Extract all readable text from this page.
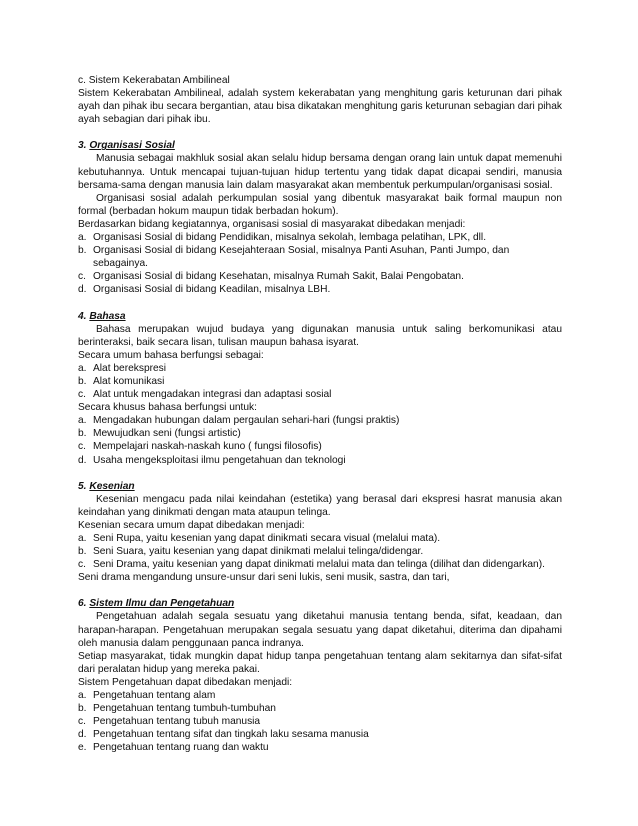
c. Sistem Kekerabatan Ambilineal

Sistem Kekerabatan Ambilineal, adalah system kekerabatan yang menghitung garis keturunan dari pihak ayah dan pihak ibu secara bergantian, atau bisa dikatakan menghitung garis keturunan sebagian dari pihak ayah sebagian dari pihak ibu.

3. Organisasi Sosial

Manusia sebagai makhluk sosial akan selalu hidup bersama dengan orang lain untuk dapat memenuhi kebutuhannya. Untuk mencapai tujuan-tujuan hidup tertentu yang tidak dapat dicapai sendiri, manusia bersama-sama dengan manusia lain dalam masyarakat akan membentuk perkumpulan/organisasi sosial.

Organisasi sosial adalah perkumpulan sosial yang dibentuk masyarakat baik formal maupun non formal (berbadan hokum maupun tidak berbadan hokum).

Berdasarkan bidang kegiatannya, organisasi sosial di masyarakat dibedakan menjadi:

a. Organisasi Sosial di bidang Pendidikan, misalnya sekolah, lembaga pelatihan, LPK, dll.
b. Organisasi Sosial di bidang Kesejahteraan Sosial, misalnya Panti Asuhan, Panti Jumpo, dan sebagainya.
c. Organisasi Sosial di bidang Kesehatan, misalnya Rumah Sakit, Balai Pengobatan.
d. Organisasi Sosial di bidang Keadilan, misalnya LBH.

4. Bahasa

Bahasa merupakan wujud budaya yang digunakan manusia untuk saling berkomunikasi atau berinteraksi, baik secara lisan, tulisan maupun bahasa isyarat.

Secara umum bahasa berfungsi sebagai:

a. Alat berekspresi
b. Alat komunikasi
c. Alat untuk mengadakan integrasi dan adaptasi sosial

Secara khusus bahasa berfungsi untuk:

a. Mengadakan hubungan dalam pergaulan sehari-hari (fungsi praktis)
b. Mewujudkan seni (fungsi artistic)
c. Mempelajari naskah-naskah kuno ( fungsi filosofis)
d. Usaha mengeksploitasi ilmu pengetahuan dan teknologi

5. Kesenian

Kesenian mengacu pada nilai keindahan (estetika) yang berasal dari ekspresi hasrat manusia akan keindahan yang dinikmati dengan mata ataupun telinga.

Kesenian secara umum dapat dibedakan menjadi:

a. Seni Rupa, yaitu kesenian yang dapat dinikmati secara visual (melalui mata).
b. Seni Suara, yaitu kesenian yang dapat dinikmati melalui telinga/didengar.
c. Seni Drama, yaitu kesenian yang dapat dinikmati melalui mata dan telinga (dilihat dan didengarkan).

Seni drama mengandung unsure-unsur dari seni lukis, seni musik, sastra, dan tari,

6. Sistem Ilmu dan Pengetahuan

Pengetahuan adalah segala sesuatu yang diketahui manusia tentang benda, sifat, keadaan, dan harapan-harapan. Pengetahuan merupakan segala sesuatu yang dapat diketahui, diterima dan dipahami oleh manusia dalam penggunaan panca indranya.

Setiap masyarakat, tidak mungkin dapat hidup tanpa pengetahuan tentang alam sekitarnya dan sifat-sifat dari peralatan hidup yang mereka pakai.

Sistem Pengetahuan dapat dibedakan menjadi:

a. Pengetahuan tentang alam
b. Pengetahuan tentang tumbuh-tumbuhan
c. Pengetahuan tentang tubuh manusia
d. Pengetahuan tentang sifat dan tingkah laku sesama manusia
e. Pengetahuan tentang ruang dan waktu
